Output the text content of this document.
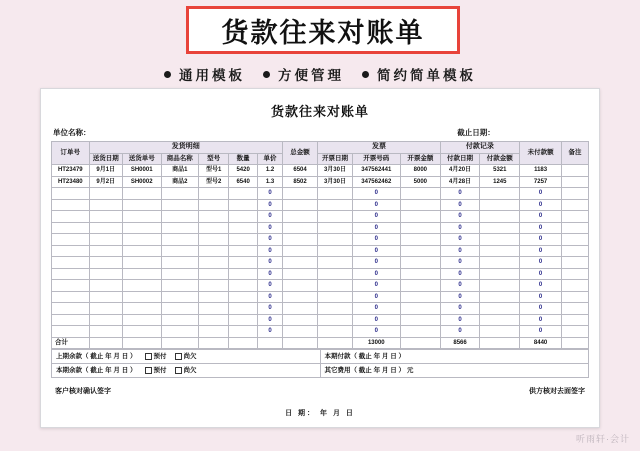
货款往来对账单
通用模板 方便管理 简约简单模板
货款往来对账单
单位名称：	截止日期：
订单号	发货明细						总金额	发票			付款记录		未付款额	备注
	送货日期	送货单号	商品名称	型号	数量	单价		开票日期	开票号码	开票金额	付款日期	付款金额		
HT23479	9月1日	SH0001	商品1	型号1	5420	1.2	6504	3月30日	347562441	8000	4月20日	5321	1183	
HT23480	9月2日	SH0002	商品2	型号2	6540	1.3	8502	3月30日	347562462	5000	4月28日	1245	7257	
						0			0		0		0	
						0			0		0		0	
						0			0		0		0	
						0			0		0		0	
						0			0		0		0	
						0			0		0		0	
						0			0		0		0	
						0			0		0		0	
						0			0		0		0	
						0			0		0		0	
						0			0		0		0	
						0			0		0		0	
						0			0		0		0	
合计									13000		8566		8440	
上期余款（ 截止 年 月 日 ） 预付 尚欠	本期付款（ 截止 年 月 日 ）
本期余款（ 截止 年 月 日 ） 预付 尚欠	其它费用（ 截止 年 月 日 ） 元
客户核对确认签字	供方核对去面签字
日 期： 年 月 日
听雨轩·会计
